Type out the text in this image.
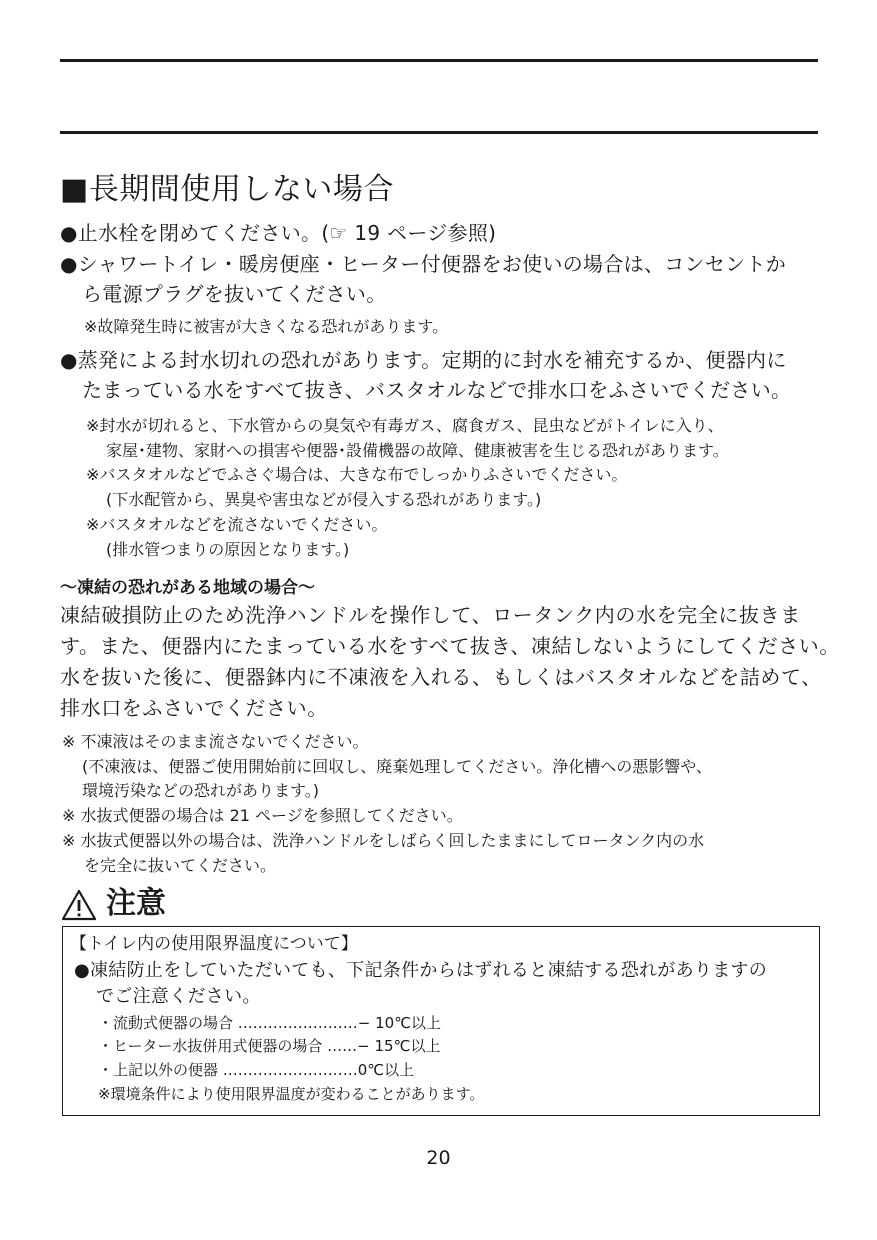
■長期間使用しない場合
●止水栓を閉めてください。(☞ 19 ページ参照)
●シャワートイレ・暖房便座・ヒーター付便器をお使いの場合は、コンセントか
ら電源プラグを抜いてください。
※故障発生時に被害が大きくなる恐れがあります。
●蒸発による封水切れの恐れがあります。定期的に封水を補充するか、便器内に
たまっている水をすべて抜き、バスタオルなどで排水口をふさいでください。
※封水が切れると、下水管からの臭気や有毒ガス、腐食ガス、昆虫などがトイレに入り、
家屋･建物、家財への損害や便器･設備機器の故障、健康被害を生じる恐れがあります。
※バスタオルなどでふさぐ場合は、大きな布でしっかりふさいでください。
(下水配管から、異臭や害虫などが侵入する恐れがあります。)
※バスタオルなどを流さないでください。
(排水管つまりの原因となります。)
〜凍結の恐れがある地域の場合〜
凍結破損防止のため洗浄ハンドルを操作して、ロータンク内の水を完全に抜きま
す。また、便器内にたまっている水をすべて抜き、凍結しないようにしてください。
水を抜いた後に、便器鉢内に不凍液を入れる、もしくはバスタオルなどを詰めて、
排水口をふさいでください。
※ 不凍液はそのまま流さないでください。
(不凍液は、便器ご使用開始前に回収し、廃棄処理してください。浄化槽への悪影響や、
環境汚染などの恐れがあります。)
※ 水抜式便器の場合は 21 ページを参照してください。
※ 水抜式便器以外の場合は、洗浄ハンドルをしばらく回したままにしてロータンク内の水
を完全に抜いてください。
注意
【トイレ内の使用限界温度について】
●凍結防止をしていただいても、下記条件からはずれると凍結する恐れがありますの
でご注意ください。
・流動式便器の場合 ……………………− 10℃以上
・ヒーター水抜併用式便器の場合 ……− 15℃以上
・上記以外の便器 ………………………0℃以上
※環境条件により使用限界温度が変わることがあります。
20
